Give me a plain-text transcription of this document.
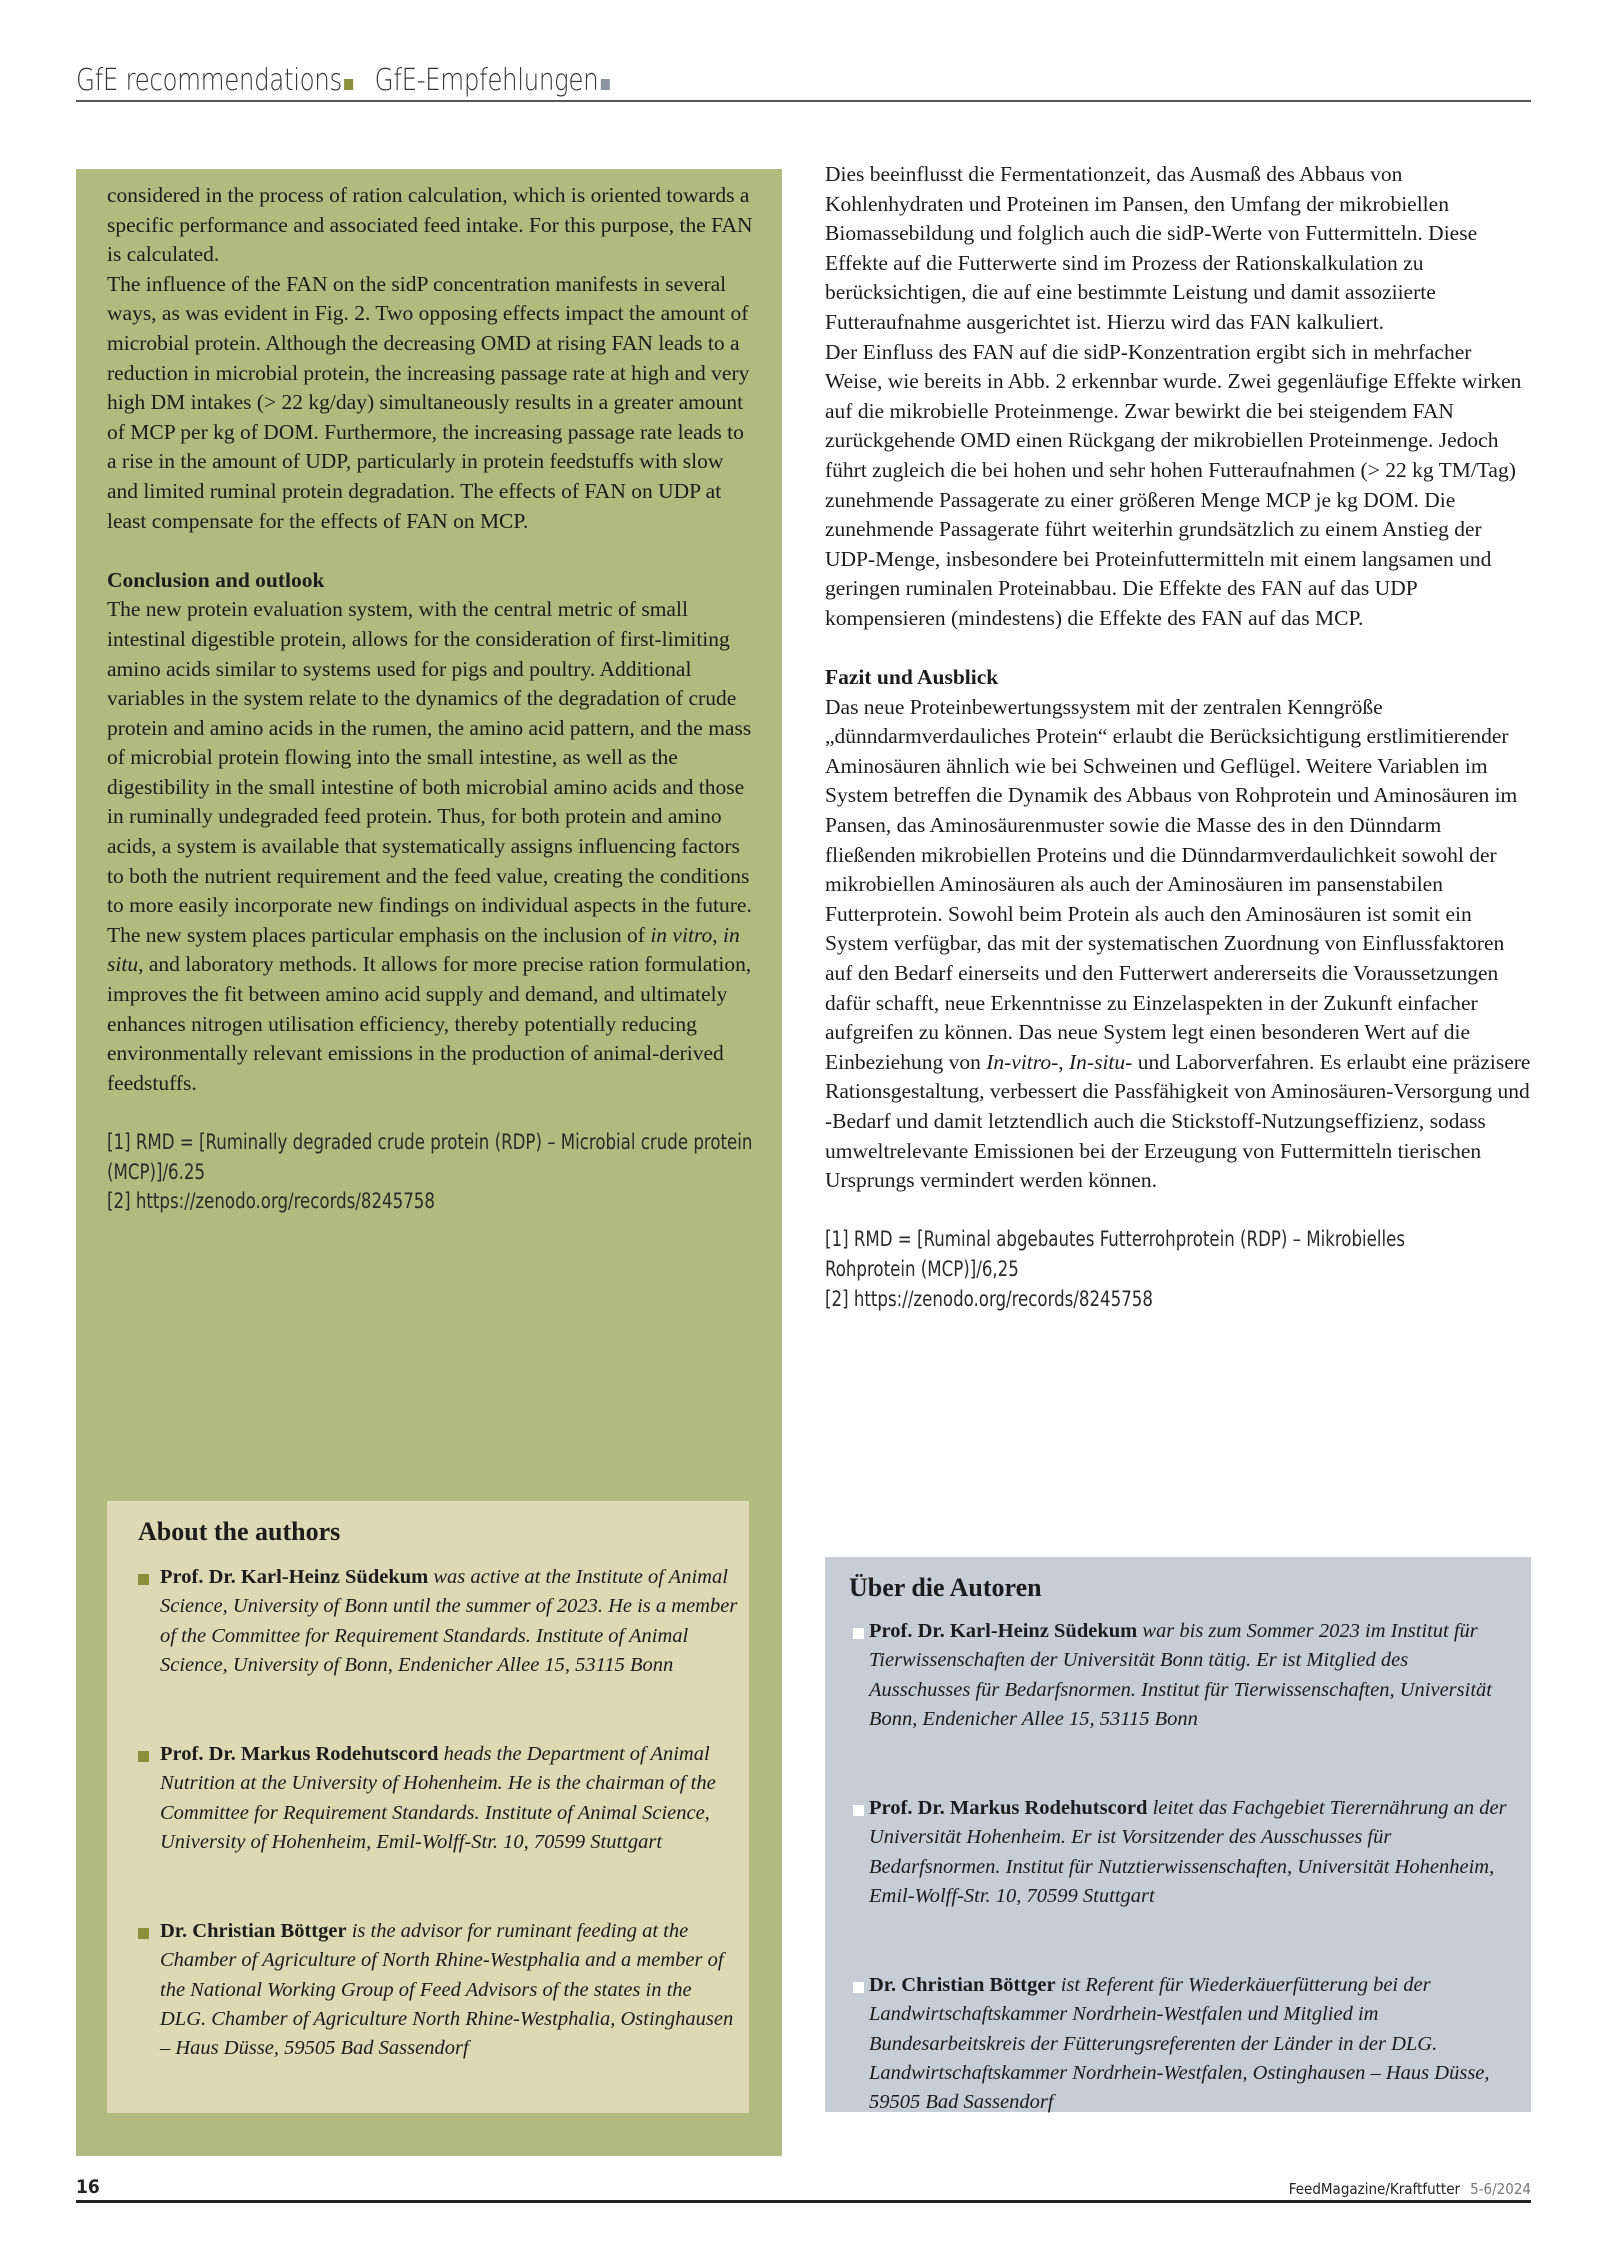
GfE recommendations GfE-Empfehlungen

considered in the process of ration calculation, which is oriented towards a specific performance and associated feed intake. For this purpose, the FAN is calculated.

The influence of the FAN on the sidP concentration manifests in several ways, as was evident in Fig. 2. Two opposing effects impact the amount of microbial protein. Although the decreasing OMD at rising FAN leads to a reduction in microbial protein, the increasing passage rate at high and very high DM intakes (> 22 kg/day) simultaneously results in a greater amount of MCP per kg of DOM. Furthermore, the increasing passage rate leads to a rise in the amount of UDP, particularly in protein feedstuffs with slow and limited ruminal protein degradation. The effects of FAN on UDP at least compensate for the effects of FAN on MCP.

Conclusion and outlook

The new protein evaluation system, with the central metric of small intestinal digestible protein, allows for the consideration of first-limiting amino acids similar to systems used for pigs and poultry. Additional variables in the system relate to the dynamics of the degradation of crude protein and amino acids in the rumen, the amino acid pattern, and the mass of microbial protein flowing into the small intestine, as well as the digestibility in the small intestine of both microbial amino acids and those in ruminally undegraded feed protein. Thus, for both protein and amino acids, a system is available that systematically assigns influencing factors to both the nutrient requirement and the feed value, creating the conditions to more easily incorporate new findings on individual aspects in the future. The new system places particular emphasis on the inclusion of in vitro, in situ, and laboratory methods. It allows for more precise ration formulation, improves the fit between amino acid supply and demand, and ultimately enhances nitrogen utilisation efficiency, thereby potentially reducing environmentally relevant emissions in the production of animal-derived feedstuffs.

[1] RMD = [Ruminally degraded crude protein (RDP) – Microbial crude protein (MCP)]/6.25

[2] https://zenodo.org/records/8245758

About the authors
Prof. Dr. Karl-Heinz Südekum was active at the Institute of Animal Science, University of Bonn until the summer of 2023. He is a member of the Committee for Requirement Standards. Institute of Animal Science, University of Bonn, Endenicher Allee 15, 53115 Bonn
Prof. Dr. Markus Rodehutscord heads the Department of Animal Nutrition at the University of Hohenheim. He is the chairman of the Committee for Requirement Standards. Institute of Animal Science, University of Hohenheim, Emil-Wolff-Str. 10, 70599 Stuttgart
Dr. Christian Böttger is the advisor for ruminant feeding at the Chamber of Agriculture of North Rhine-Westphalia and a member of the National Working Group of Feed Advisors of the states in the DLG. Chamber of Agriculture North Rhine-Westphalia, Ostinghausen – Haus Düsse, 59505 Bad Sassendorf

Dies beeinflusst die Fermentationzeit, das Ausmaß des Abbaus von Kohlenhydraten und Proteinen im Pansen, den Umfang der mikrobiellen Biomassebildung und folglich auch die sidP-Werte von Futtermitteln. Diese Effekte auf die Futterwerte sind im Prozess der Rationskalkulation zu berücksichtigen, die auf eine bestimmte Leistung und damit assoziierte Futteraufnahme ausgerichtet ist. Hierzu wird das FAN kalkuliert.

Der Einfluss des FAN auf die sidP-Konzentration ergibt sich in mehrfacher Weise, wie bereits in Abb. 2 erkennbar wurde. Zwei gegenläufige Effekte wirken auf die mikrobielle Proteinmenge. Zwar bewirkt die bei steigendem FAN zurückgehende OMD einen Rückgang der mikrobiellen Proteinmenge. Jedoch führt zugleich die bei hohen und sehr hohen Futteraufnahmen (> 22 kg TM/Tag) zunehmende Passagerate zu einer größeren Menge MCP je kg DOM. Die zunehmende Passagerate führt weiterhin grundsätzlich zu einem Anstieg der UDP-Menge, insbesondere bei Proteinfuttermitteln mit einem langsamen und geringen ruminalen Proteinabbau. Die Effekte des FAN auf das UDP kompensieren (mindestens) die Effekte des FAN auf das MCP.

Fazit und Ausblick

Das neue Proteinbewertungssystem mit der zentralen Kenngröße „dünndarmverdauliches Protein“ erlaubt die Berücksichtigung erstlimitierender Aminosäuren ähnlich wie bei Schweinen und Geflügel. Weitere Variablen im System betreffen die Dynamik des Abbaus von Rohprotein und Aminosäuren im Pansen, das Aminosäurenmuster sowie die Masse des in den Dünndarm fließenden mikrobiellen Proteins und die Dünndarmverdaulichkeit sowohl der mikrobiellen Aminosäuren als auch der Aminosäuren im pansenstabilen Futterprotein. Sowohl beim Protein als auch den Aminosäuren ist somit ein System verfügbar, das mit der systematischen Zuordnung von Einflussfaktoren auf den Bedarf einerseits und den Futterwert andererseits die Voraussetzungen dafür schafft, neue Erkenntnisse zu Einzelaspekten in der Zukunft einfacher aufgreifen zu können. Das neue System legt einen besonderen Wert auf die Einbeziehung von In-vitro-, In-situ- und Laborverfahren. Es erlaubt eine präzisere Rationsgestaltung, verbessert die Passfähigkeit von Aminosäuren-Versorgung und -Bedarf und damit letztendlich auch die Stickstoff-Nutzungseffizienz, sodass umweltrelevante Emissionen bei der Erzeugung von Futtermitteln tierischen Ursprungs vermindert werden können.

[1] RMD = [Ruminal abgebautes Futterrohprotein (RDP) – Mikrobielles Rohprotein (MCP)]/6,25

[2] https://zenodo.org/records/8245758

Über die Autoren
Prof. Dr. Karl-Heinz Südekum war bis zum Sommer 2023 im Institut für Tierwissenschaften der Universität Bonn tätig. Er ist Mitglied des Ausschusses für Bedarfsnormen. Institut für Tierwissenschaften, Universität Bonn, Endenicher Allee 15, 53115 Bonn
Prof. Dr. Markus Rodehutscord leitet das Fachgebiet Tierernährung an der Universität Hohenheim. Er ist Vorsitzender des Ausschusses für Bedarfsnormen. Institut für Nutztierwissenschaften, Universität Hohenheim, Emil-Wolff-Str. 10, 70599 Stuttgart
Dr. Christian Böttger ist Referent für Wiederkäuerfütterung bei der Landwirtschaftskammer Nordrhein-Westfalen und Mitglied im Bundesarbeitskreis der Fütterungsreferenten der Länder in der DLG. Landwirtschaftskammer Nordrhein-Westfalen, Ostinghausen – Haus Düsse, 59505 Bad Sassendorf
16	FeedMagazine/Kraftfutter 5-6/2024
